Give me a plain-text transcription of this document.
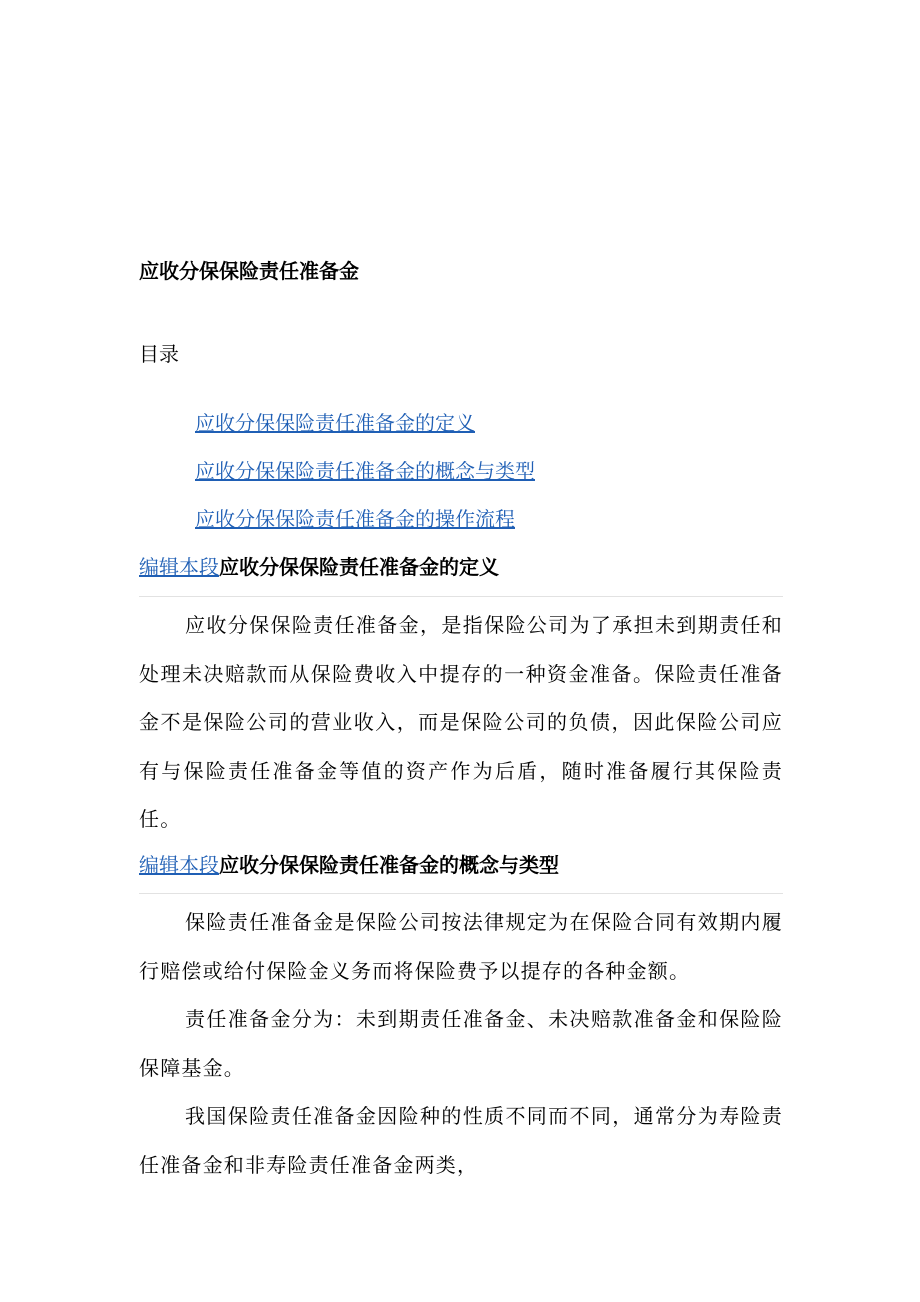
应收分保保险责任准备金
目录
应收分保保险责任准备金的定义
应收分保保险责任准备金的概念与类型
应收分保保险责任准备金的操作流程
编辑本段应收分保保险责任准备金的定义

应收分保保险责任准备金，是指保险公司为了承担未到期责任和处理未决赔款而从保险费收入中提存的一种资金准备。保险责任准备金不是保险公司的营业收入，而是保险公司的负债，因此保险公司应有与保险责任准备金等值的资产作为后盾，随时准备履行其保险责任。

编辑本段应收分保保险责任准备金的概念与类型

保险责任准备金是保险公司按法律规定为在保险合同有效期内履行赔偿或给付保险金义务而将保险费予以提存的各种金额。

责任准备金分为：未到期责任准备金、未决赔款准备金和保险险保障基金。

我国保险责任准备金因险种的性质不同而不同，通常分为寿险责任准备金和非寿险责任准备金两类，
